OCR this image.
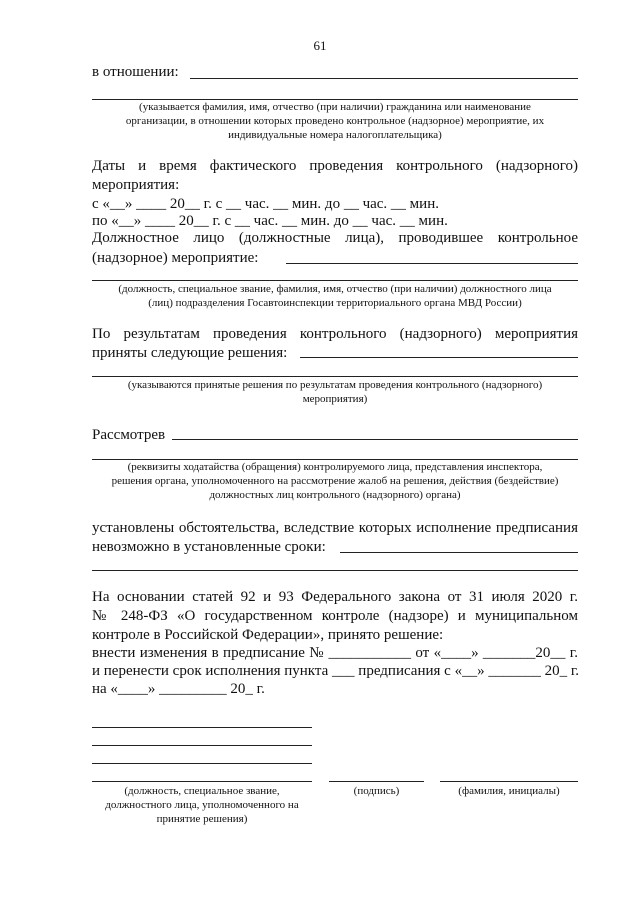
61
в отношении:
(указывается фамилия, имя, отчество (при наличии) гражданина или наименование
организации, в отношении которых проведено контрольное (надзорное) мероприятие, их
индивидуальные номера налогоплательщика)
Даты и время фактического проведения контрольного (надзорного)
мероприятия:
с «__» ____ 20__ г. с __ час. __ мин. до __ час. __ мин.
по «__» ____ 20__ г. с __ час. __ мин. до __ час. __ мин.
Должностное лицо (должностные лица), проводившее контрольное
(надзорное) мероприятие:
(должность, специальное звание, фамилия, имя, отчество (при наличии) должностного лица
(лиц) подразделения Госавтоинспекции территориального органа МВД России)
По результатам проведения контрольного (надзорного) мероприятия
приняты следующие решения:
(указываются принятые решения по результатам проведения контрольного (надзорного)
мероприятия)
Рассмотрев
(реквизиты ходатайства (обращения) контролируемого лица, представления инспектора,
решения органа, уполномоченного на рассмотрение жалоб на решения, действия (бездействие)
должностных лиц контрольного (надзорного) органа)
установлены обстоятельства, вследствие которых исполнение предписания
невозможно в установленные сроки:
На основании статей 92 и 93 Федерального закона от 31 июля 2020 г.
№ 248-ФЗ «О государственном контроле (надзоре) и муниципальном
контроле в Российской Федерации», принято решение:
внести изменения в предписание № ___________ от «____» _______20__ г.
и перенести срок исполнения пункта ___ предписания с «__» _______ 20_ г.
на «____» _________ 20_ г.
(должность, специальное звание,
должностного лица, уполномоченного на
принятие решения)
(подпись)	(фамилия, инициалы)
